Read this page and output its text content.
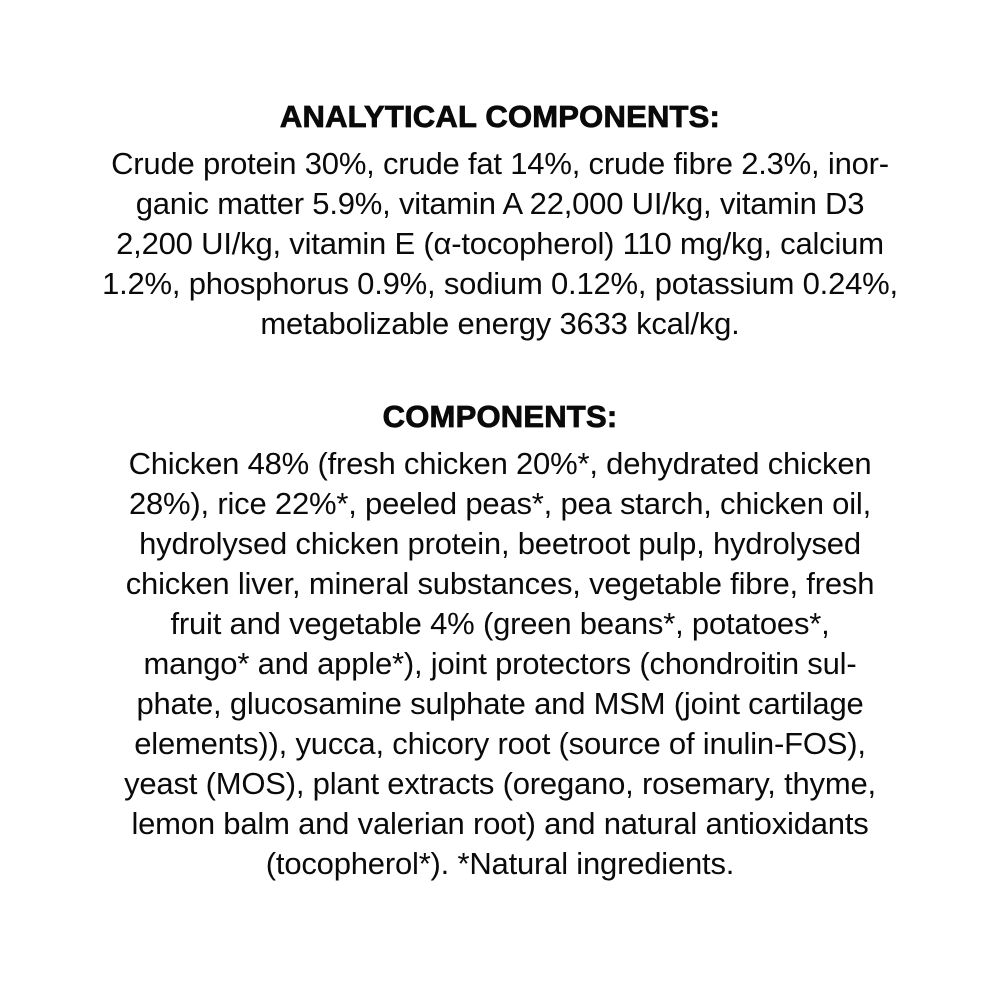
ANALYTICAL COMPONENTS:
Crude protein 30%, crude fat 14%, crude fibre 2.3%, inor-
ganic matter 5.9%, vitamin A 22,000 UI/kg, vitamin D3
2,200 UI/kg, vitamin E (α-tocopherol) 110 mg/kg, calcium
1.2%, phosphorus 0.9%, sodium 0.12%, potassium 0.24%,
metabolizable energy 3633 kcal/kg.
COMPONENTS:
Chicken 48% (fresh chicken 20%*, dehydrated chicken
28%), rice 22%*, peeled peas*, pea starch, chicken oil,
hydrolysed chicken protein, beetroot pulp, hydrolysed
chicken liver, mineral substances, vegetable fibre, fresh
fruit and vegetable 4% (green beans*, potatoes*,
mango* and apple*), joint protectors (chondroitin sul-
phate, glucosamine sulphate and MSM (joint cartilage
elements)), yucca, chicory root (source of inulin-FOS),
yeast (MOS), plant extracts (oregano, rosemary, thyme,
lemon balm and valerian root) and natural antioxidants
(tocopherol*). *Natural ingredients.
